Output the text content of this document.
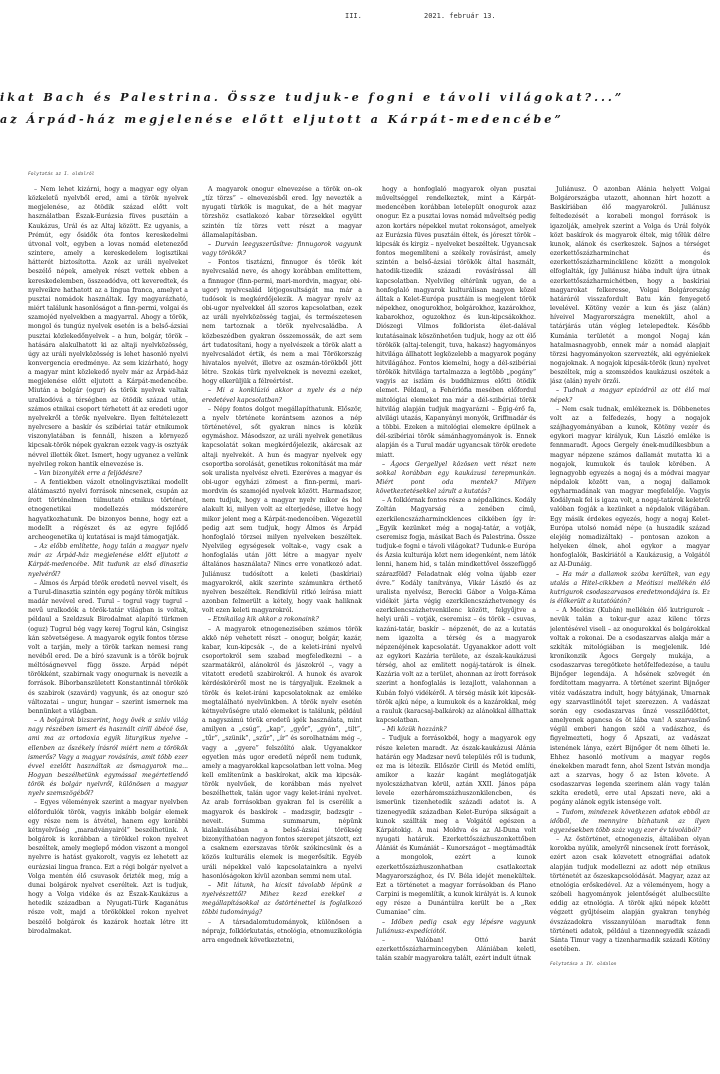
III.	2021. február 13.
ikat Bach és Palestrina. Össze tudjuk-e fogni e távoli világokat?...”
az Árpád-ház megjelenése előtt eljutott a Kárpát-medencébe”
Folytatás az I. oldalról

– Nem lehet kizárni, hogy a magyar egy olyan közkeletű nyelvből ered, ami a török nyelvek megjelenése, az ötödik század előtt volt használatban Észak-Eurázsia füves pusztáin a Kaukázus, Urál és az Altaj között. Ez ugyanis, a Prémút, egy ősidők óta fontos kereskedelmi útvonal volt, egyben a lovas nomád eleteneződ szintere, amely a kereskedelem logisztikai hátterét biztosította. Azok az uráli nyelveket beszélő népek, amelyek részt vettek ebben a kereskedelemben, összeadódva, ott keveredtek, és nyelveikre hathatott az a lingua franca, amelyet a pusztai nomádok használtak. Így magyarázható, miért találunk hasonlóságot a finn-permi, volgai és szamojéd nyelvekben a magyarral. Ahogy a török, mongol és tungúz nyelvek esetén is a belső-ázsiai pusztai közlekedőnyelvek – a hun, bolgár, török – hatására alakulhatott ki az altaji nyelvközösség, úgy az uráli nyelvközösség is lehet hasonló nyelvi konvergencia eredménye. Az sem kizárható, hogy a magyar mint közlekedő nyelv már az Árpád-ház megjelenése előtt eljutott a Kárpát-medencébe. Miután a bolgár (ogur) és török nyelvek valtak uralkodóvá a térségben az ötödik század után, számos etnikai csoport térhetett át az eredeti ugor nyelvekről a török nyelvekre. Ilyen feltételezett nyelvcsere a baskír és szibériai tatár etnikumok viszonylatában is fennáll, hiszen a környező kipcsak-török népek gyakran ezzek vagy-is osztyák névvel illették őket. Ismert, hogy ugyanez a velünk nyelvileg rokon hantik elnevezése is.

– Van bizonyíték erre a feljödésre?

– A fentiekben vázolt etnolingvisztikai modellt alátámasztó nyelvi források nincsenek, csupán az írott történelmen túlmutató etnikus történet, etnogenetikai modellezés módszerére hagyatkozhatunk. De bizonyos benne, hogy ezt a modellt a régészet és az egyre fejlődő archeogenetika új kutatásai is majd támogatják.

– Az előbb említette, hogy talán a magyar nyelv már az Árpád-ház megjelenése előtt eljutott a Kárpát-medencébe. Mit tudunk az első dinasztia nyelvéről?

– Álmos és Árpád török eredetű nevvel viselt, és a Turul-dinasztia szintén egy pogány török mítikus madár nevével ered. Turul – togrul vagy tugrul – nevű uralkodók a török-tatár világban is voltak, példaul a Szeldzsuk Birodalmat alapító türkmen (oguz) Tugrul bég vagy kerej Togrul kán, Csingisz kán szövetségese. A magyarok egyik fontos törzse volt a tarján, mely a török tarkan nemesi rang nevéből ered. De a bíró szavunk is a török bojruk méltóságnevvel függ össze. Árpád népét törökként, szabirnak vagy onogurnak is nevezik a források. Bíborbanszületett Konstantinnál törökök és szabirok (szavárd) vagyunk, és az onogur szó változatai – ungur, hungar – szerint ismernek ma bennünket a világban.

– A bolgárok bizszerint, hogy övék a szláv világ nagy részében ismert és használt cirill ábécé őse, ami ma az ortodoxia egyik liturgikus nyelve – ellenben az őszékely írásról miért nem a törökök ismerős? Vagy a magyar rovásírás, amit több ezer évvel ezelőtt használtak az ősmagyarok ma... Hogyan beszélhetünk egymással megértetlendő török és bolgár nyelvről, különösen a magyar nyelv szemszögéből?

– Egyes vélemények szerint a magyar nyelvben előfordulók török, vagyis inkább bolgár elemek egy része nem is átvétel, hanem egy korábbi kétnyelvűség „maradványairól” beszélhetünk. A bolgárok is korábban a törökkel rokon nyelvet beszéltek, amely meglepő módon viszont a mongol nyelvre is hatást gyakorolt, vagyis ez lehetett az eurázsiai lingua franca. Ezt a régi bolgár nyelvet a Volga mentén élő csuvasok őrizték meg, míg a dunai bolgárok nyelvet cseréltek. Azt is tudjuk, hogy a Volga vidéke és az Észak-Kaukázus a hetedik században a Nyugati-Türk Kaganátus része volt, majd a törökökkel rokon nyelvet beszélő bolgárok és kazárok hoztak létre itt birodalmakat.

A magyarok onogur elnevezése a török on–ok „tíz törzs” – elnevezésből ered. Így nevezték a nyugati türkök is magukat, de a hét magyar törzshöz csatlakozó kabar törzsekkel együtt szintén tíz törzs vett részt a magyar államalapításban.

– Durván leegyszerűsítve: finnugorok vagyunk vagy törökök?

– Fontos tisztázni, finnugor és török két nyelvcsalád neve, és ahogy korábban említettem, a finnugor (finn-permi, mari-mordvin, magyar, obi-ugor) nyelvcsalád létjogosultságát ma már a tudósok is megkérdőjelezik. A magyar nyelv az obi-ugor nyelvekkel áll szoros kapcsolatban, ezek az uráli nyelvközösség tagjai, és természetesen nem tartoznak a török nyelvcsaládba. A közbeszédben gyakran összemossák, de azt sem árt tudatosítani, hogy a nyelvészek a török alatt a nyelvcsaládot értik, és nem a mai Törökország hivatalos nyelvét, illetve az oszmán-törökből jött létre. Szokás türk nyelveknek is nevezni ezeket, hogy elkerüljük a félreértést.

– Mi a konklúzió akkor a nyelv és a nép eredetével kapcsolatban?

– Népy fontos dolgot megállapíthatunk. Először, a nyelv története korántsem azonos a nép történetével, sőt gyakran nincs is közük egymáshoz. Másodszor, az uráli nyelvek genetikus kapcsolatát sokan megkérdőjelezik, akárcsak az altaji nyelvekét. A hun és magyar nyelvek egy csoportba sorolását, genetikus rokonítását ma már sok uralista nyelvész elveti. Ezeréves a magyar és obi-ugor egyházi zömest a finn-permi, mari-mordvin és szamojéd nyelvek között. Harmadszor, nem tudjuk, hogy a magyar nyelv mikor és hol alakult ki, milyen volt az elterjedése, illetve hogy mikor jelent meg a Kárpát-medencében. Végezetül pedig azt sem tudjuk, hogy Álmos és Árpád honfoglaló törzsei milyen nyelveken beszéltek. Nyelvileg egységesek voltak-e, vagy csak a honfoglalás után jött létre a magyar nyelv általános használata? Nincs erre vonatkozó adat. Juliánusz tudósított a keleti (baskíriai) magyarokról, akik szerinte számunkra érthető nyelven beszéltek. Rendkívül ritkó leírása miatt azonban felmerült a kétely, hogy vaak haliknak volt ezen keleti magyarokról.

– Etnikailag kik akkor a rokonaink?

– A magyarok etnogenezisében számos török akkö nép vehetett részt – onogur, bolgár, kazár, kabar, kun-kipcsák –, de a keleti-iráni nyelvű csoportokról sem szabad megfeledkezni – a szarmatákról, alánokról és jászokról –, vagy a vitatott eredetű szabirokról. A hunok és avarok kérdésköréről most ne is tárgyaljuk. Ezeknek a török és kelet-iráni kapcsolatoknak az emléke megtalálható nyelvünkben. A török nyelv esetén kétnyelvűségre utaló elemeket is találunk, például a nagyszámú török eredetű igék használata, mint amilyen a „csúg”, „kap”, „győr”, „gyón”, „tilt”, „tűr”, „szünik”, „szűr”, „ír” és sorolhatnám még –, vagy a „gyere” felszólító alak. Ugyanakkor egyetlen más ugor eredetű népről nem tudunk, amely a magyarokkal kapcsolatban lett volna. Meg kell említenünk a baskírokat, akik ma kipcsák-török nyelvűek, de korábban más nyelvet beszélhettek, talán ugor vagy kelet-iráni nyelvet. Az arab forrásokban gyakran fel is cserélik a magyarok és baskírok – madzsgir, badzsgir – neveit. Summa summarum, népünk kialakulásában a belső-ázsiai törökség bizonyíthatóan nagyon fontos szerepet játszott, ezt a csaknem ezerszavas török szókincsünk és a közös kulturális elemek is megerősítik. Egyéb uráli népekkel való kapcsolatainkra a nyelvi hasonlóságokon kívül azonban semmi nem utal.

– Mit látunk, ha kicsit távolabb lépünk a nyelvészettől? Mihez kezd ezekkel a megállapításokkal az őstörténettel is foglalkozó többi tudományág?

– A társadalomtudományok, különösen a néprajz, folklórkutatás, etnológia, etnomuzikológia arra engednek következtetni,

hogy a honfoglaló magyarok olyan pusztai műveltséggel rendelkeztek, mint a Kárpát-medencében korábban letelepült onogurok azaz onogur. Ez a pusztai lovas nomád műveltség pedig azon kortárs népekkel mutat rokonságot, amelyek az Eurázsia füves pusztáin éltek, és jóreszt török – kipcsák és kirgiz – nyelveket beszéltek. Ugyancsak fontos megemlíteni a székely rovásírást, amely szintén a belső-ázsiai törökök által használt, hatodik-tizedik századi rovásírással áll kapcsolatban. Nyelvileg eltérünk ugyan, de a honfoglaló magyarok kulturálisan nagyon közel álltak a Kelet-Európa pusztáin is megjelent török népekhez, onogurokhoz, bolgárokhoz, kazárokhoz, kabarokhoz, oguzokhoz és kun-kipcsákokhoz. Diószegi Vilmos folklorista élet-dalával kutatásainak köszönhetően tudjuk, hogy az ott élő törökök (altaj-telengit, tuva, hakasz) hagyományos hitvilága állhatott legközelebb a magyarok pogány hitvilágához. Fontos kiemelni, hogy a dél-szibériai törökök hitvilága tartalmazza a legtöbb „pogány” vagyis az iszlám és buddhizmus előtti ötödik elemet. Példaul, a Fehérlófia mesében előfordul mitológiai elemeket ma már a dél-szibériai török hitvilág alapján tudjuk magyarázni – Égig-érő fa, alvilági utazás, Kapanyányi monyók, Griffmadár és a többi. Ezeken a mitológiai elemekre épülnek a dél-szibériai török sámánhagyományok is. Ennek alapján és a Turul madár ugyancsak török eredete miatt.

– Ágocs Gergellyel közösen vett részt nem sokkal korábban egy kaukázusi terepmunkán. Miért pont oda mentek? Milyen következtetésekkel zárult a kutatás?

– A folklórnak fontos része a népdalkincs. Kodály Zoltán Magyarság a zenében című, ezerkilencszázharmincklences cikkében így ír: „Egyik kezünket még a nogaj-tatár, a votják, cseremisz fogja, másikat Bach és Palestrina. Össze tudjuk-e fogni e távoli világokat? Tudunk-e Európa és Ázsia kulturája közt nem idegenként, nem látók lenni, hanem hid, s talán mindkettővel összefüggő szárazföld? Feladatnak elég volna újabb ezer évre.” Kodály tanítványa, Vikár László és az uralista nyelvész, Berecki Gábor a Volga-Káma vidékét járta végig ezerkilencszázhetvenegy és ezerkilencszázhetvenkilenc között, felgyűjtve a helyi uráli – votják, cseremisz – és török – csuvas, kazáni-tatár, baskír – népzenét, de az a kutatás nem igazolta a térség és a magyarok népzenéjének kapcsolatát. Ugyanakkor adott volt az egykori Kazária területe, az észak-kaukázusi térség, ahol az emlitett nogáj-tatárok is élnek. Kazária volt az a terület, ahonnan az írott források szerint a honfoglalás is lezajlott, valahonnan a Kubán folyó vidékéről. A térség másik két kipcsák-török ajkú népe, a kumukok és a kazárokkal, még a rauluk (karacsaj-balkárok) az alánokkal állhattak kapcsolatban.

– Mi közük hozzánk?

– Tudjuk a forrásokból, hogy a magyarok egy része keleten maradt. Az észak-kaukázusi Alánia határán egy Madzsar nevű település ről is tudunk, ez ma is létezik. Ellőször Cirill és Metód említi, amikor a kazár kagánt meglátogatják nyolcszázhatvan körül, aztán XXII. János pápa levele ezerháromszázhuszonkilencben, és ismerünk tizenhetedik századi adatot is. A tizenegyedik században Kelet-Európa sikságait a kunok szállták meg a Volgától egészen a Kárpátokig. A mai Moldva és az Al-Duna volt nyugati határuk. Ezerkettőszázhuszonkettőben Álániát és Kumániát – Kunországot – megtámadták a mongolok, ezért a kunok ezerkettőszázhuszonhatban csatlakoztak Magyarországhoz, és IV. Béla idejét menekültek. Ezt a történetet a magyar forrásokban és Plano Carpini is megemlítik, a kunok királyát is. A kunok egy része a Dunántúlra került be a „Rex Cumaniae” cím.

– Időben pedig csak egy lépésre vagyunk Juliánusz-expedíciótól.

– Valóban! Ottó barát ezerkettőszázharmincegyben Alániában keletl, talán szabír magyarokra talált, ezért indult útnak

Juliánusz. Ő azonban Alánia helyett Volgai Bolgárországba utazott, ahonnan hírt hozott a Baskíriában élő magyarokról. Juliánusz feltedezését a korabeli mongol források is igazolják, amelyek szerint a Volga és Urál folyók közt baskírok és magyarok éltek, mig tőlük délre kunok, alánok és cserkeszek. Sajnos a térséget ezerkettőszázharminchat és ezerkettőszázharminckilenc között a mongolok elfoglalták, így Juliánusz hiába indult újra útnak ezerkettőszázharmichétben, hogy a baskíriai magyarokat felkeresse, Volgai Bolgárország határáról visszafordult Batu kán fenyegető levelével. Kötöny vezér a kun és jász (alán) híveivel Magyarországra menekült, ahol a tatárjárás után végleg letelepedtek. Később Kumánia területét a mongol Nogaj kán hatalmasnagyobb, ennek már a nomád alapjait törzsi hagyományokon szervezték, aki egyéniekek nogajoknak. A nogajok kipcsák-török (kun) nyelvet beszéltek, míg a szomszédos kaukázusi oszétek a jász (alán) nyelv örzői.

– Tudnak a magyar epizódról az ott élő mai népek?

– Nem csak tudnak, emlékeznek is. Döbbenetes volt az a felfedezés, hogy a nogajok szájhagyományában a kunok, Kötöny vezér és egykori magyar királyuk, Kun László emléke is fennmaradt. Ágocs Gergely ének-mudílkesbbun a magyar népzene számos dallamát mutatta ki a nogajok, kumukok és taulok körében. A legnagyobb egyezés a nogaj és a módvai magyar népdalok között van, a nogaj dallamok egyharmadának van magyar megfelelője. Vagyis Kodálynak fel is igaza volt, a nogaj-tatárok keletről valóban fogják a kezünket a népdalok világában. Egy másik érdekes egyezés, hogy a nogaj Kelet-Európa utolsó nomád népe (a huszadik század elejéig nomadizáltak) – pontosan azokon a helyeken élnek, ahol egykor a magyar honfoglalók, Baskíriától a Kaukázusig, a Volgától az Al-Dunáig.

– Ha már a dallamok szóba kerültek, van egy utalás a Hitel-cikkben a Meótiszi mellékén élő kutrigurok csodaszarvasos eredetmondájára is. Ez is élőkerült a kutatóútón?

– A Meótisz (Kubán) mellékén élő kutrigurok – nevük talán a tokur-gur azaz kilenc törzs jelentésével viseli – az onogurokkal és bolgárokkal voltak a rokonai. De a csodaszarvas alakja már a szkíták mitológiában is megjelenik. Idé kronikonzik Ágocs Gergely mukája, a csodaszarvas teregötkete hetőfelfedezése, a taulu Bijnőger legendája. A hősének szövegét én fordítottam magyarra. A történet szerint Bijnőger vitéz vadászatra indult, hogy bátyjának, Umarnak egy szarvastlinótől tejet szerezzen. A vadászat során egy csodaszarvas űnzé vesszilődöttet, amelyenek agancsa és öt lába van! A szarvasünő végül emberi hangon szól a vadászhoz, és figyelmezteti, hogy ő Apszati, az vadászat istenének lánya, ezért Bijnőger őt nem ölheti le. Ehhez hasonló motívum a magyar regös énekekben maradt fenn, ahol Szent István mondja azt a szarvas, hogy ő az Isten követe. A csodaszarvas legenda szerinem alán vagy talán szkíta eredetű, erre utal Apszati neve, aki a pogány alánok egyik istensége volt.

– Tudom, mindezek következen adatok ebből az időből, de mennyire bízhatunk az ilyen egyezésekben több száz vagy ezer év távolából?

– Az őstörténet, etnogenezis, általában olyan korokba nyúlik, amelyről nincsenek írott források, ezért azon csak közvetett etnográfiai adatok alapján tudjuk modellezni az adott nép etnikus történetét az őszeskapcsolódását. Magyar, azaz az etnológia erőskedével. Az a véleményem, hogy a szóbeli hagyományok jelentőségét alulbecsülte eddig az etnológia. A török ajkú népek között végzett gyűjtéseim alapján gyakran tenyhég évszázadokra visszanyúlóan maradtak fenn történeti adatok, például a tizennegyedik századi Sánta Timur vagy a tizenharmadik századi Kötöny esetében.

Folytatása a IV. oldalon
